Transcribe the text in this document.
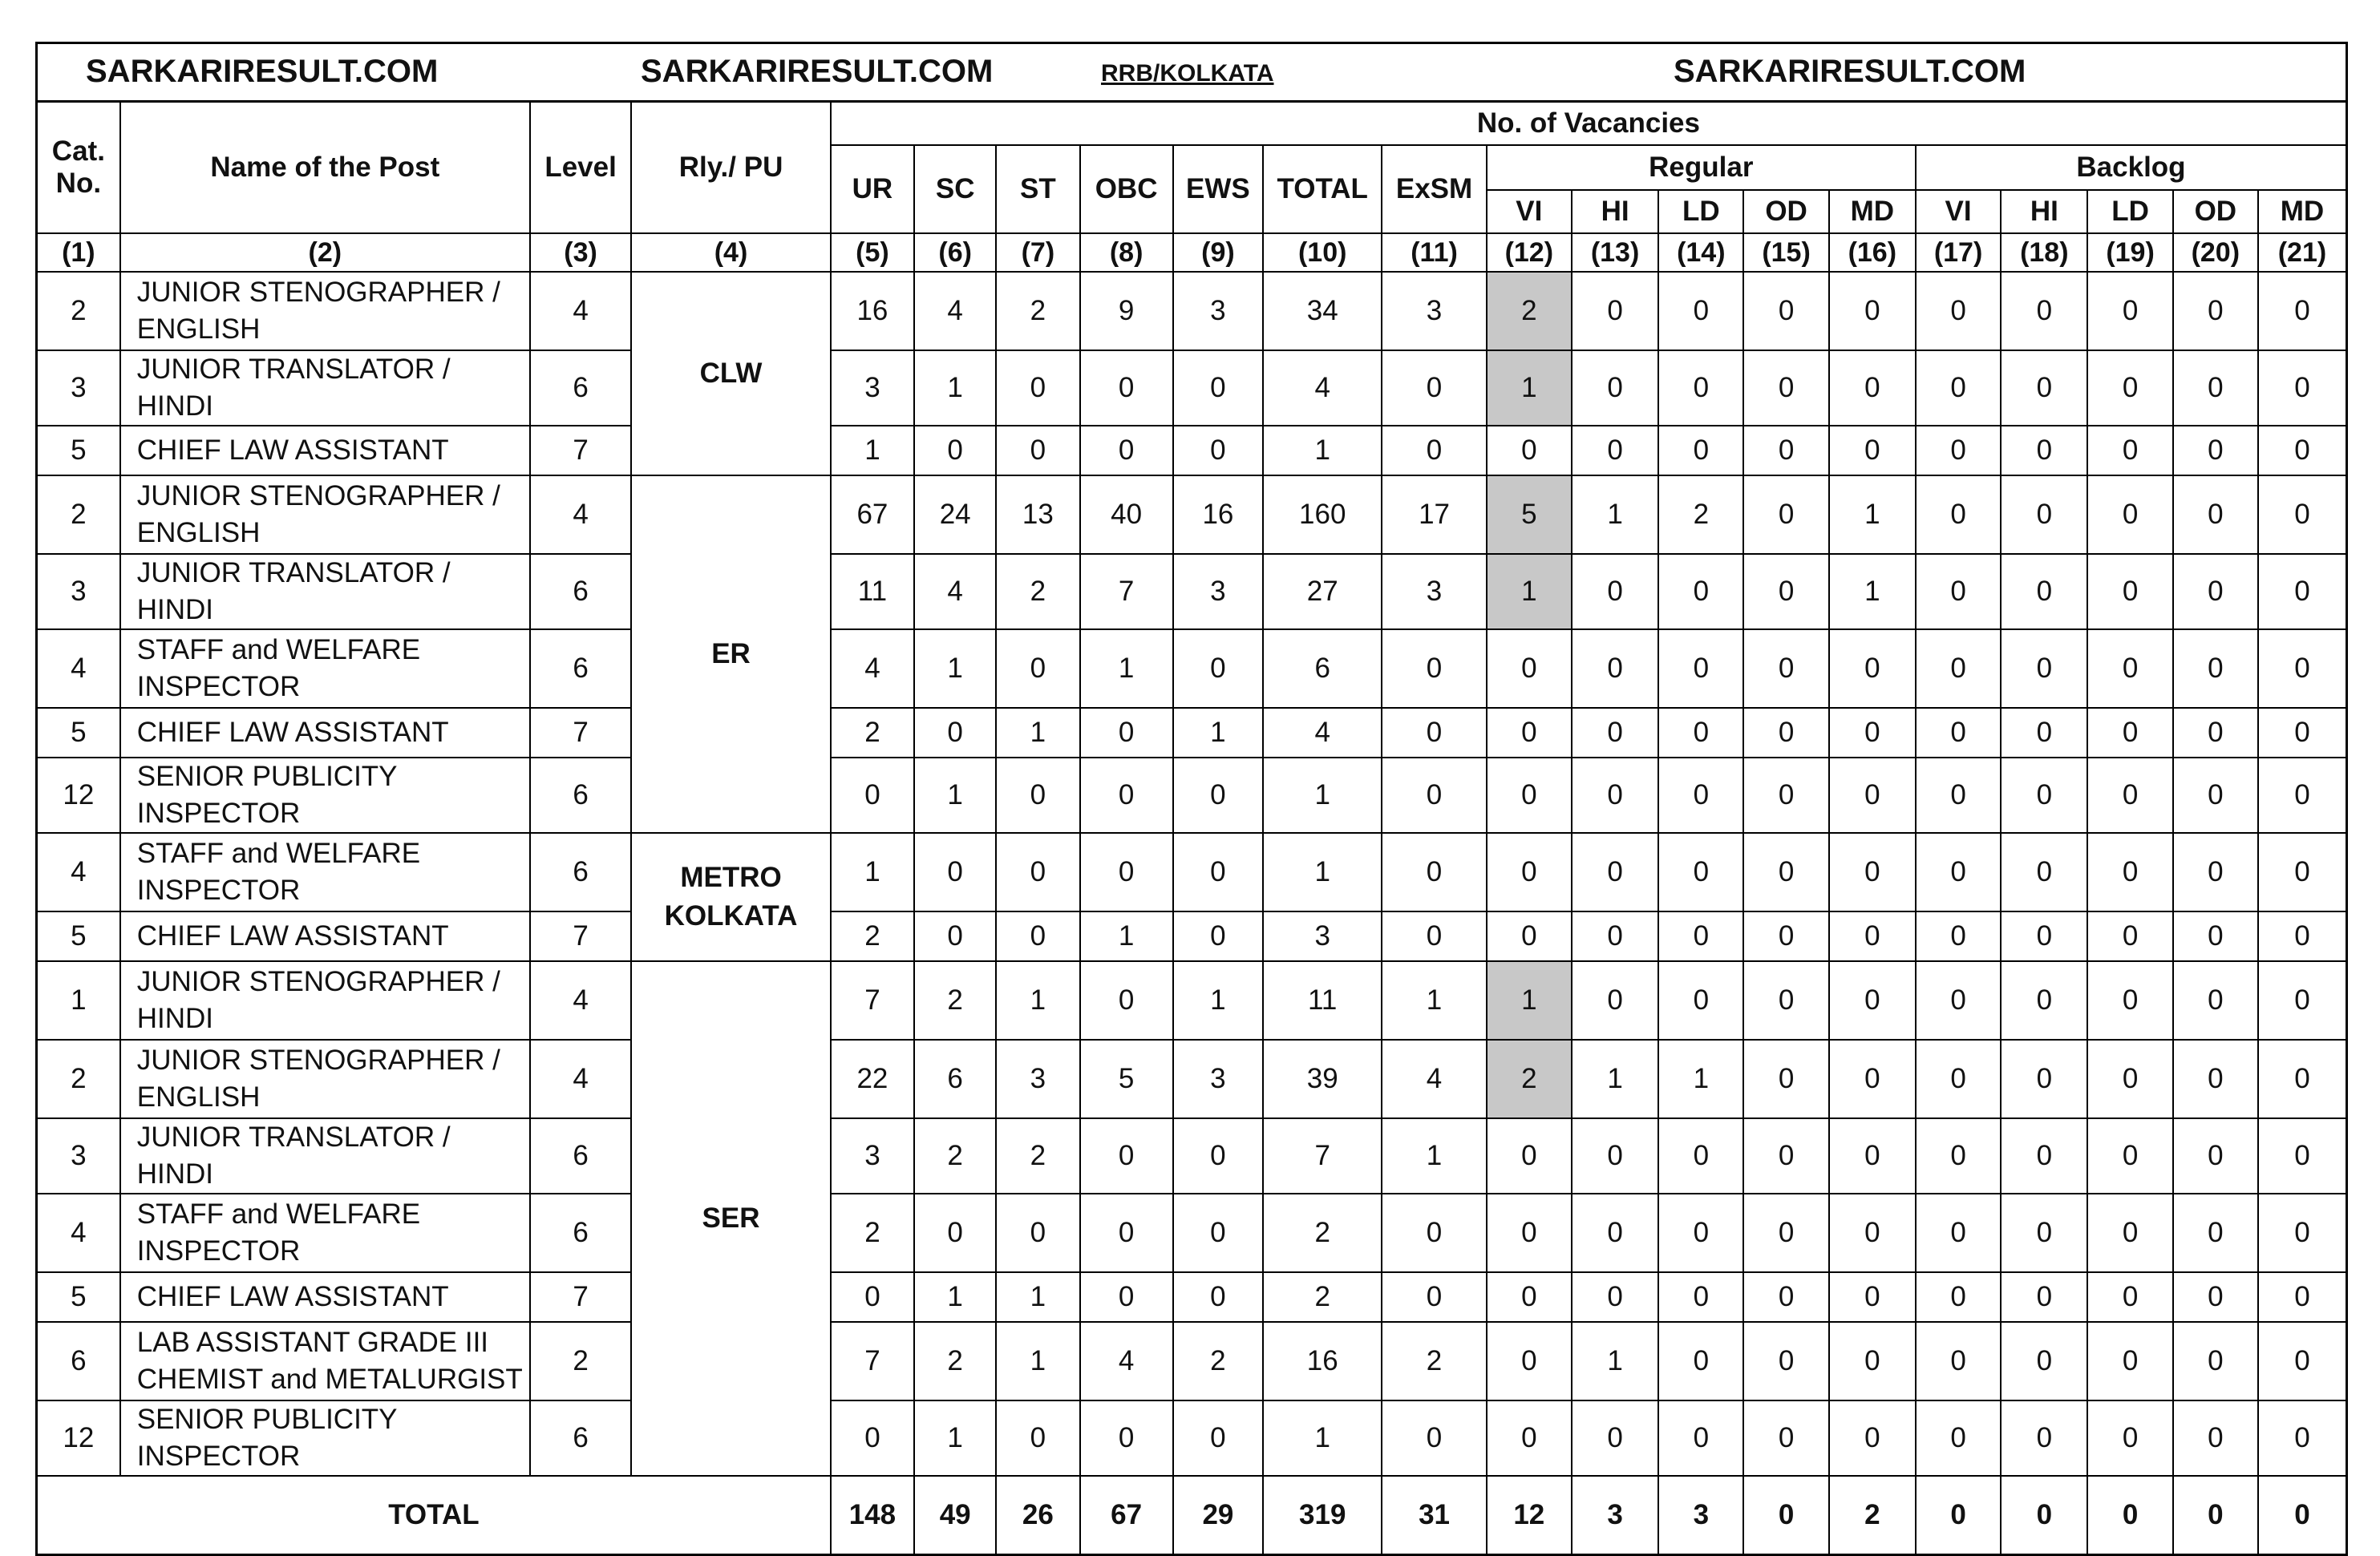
SARKARIRESULT.COM	SARKARIRESULT.COM	RRB/KOLKATA	SARKARIRESULT.COM
Cat. No.	Name of the Post	Level	Rly./ PU	No. of Vacancies																
				UR	SC	ST	OBC	EWS	TOTAL	ExSM	Regular					Backlog				
											VI	HI	LD	OD	MD	VI	HI	LD	OD	MD
(1)	(2)	(3)	(4)	(5)	(6)	(7)	(8)	(9)	(10)	(11)	(12)	(13)	(14)	(15)	(16)	(17)	(18)	(19)	(20)	(21)
2	JUNIOR STENOGRAPHER / ENGLISH	4	CLW	16	4	2	9	3	34	3	2	0	0	0	0	0	0	0	0	0
3	JUNIOR TRANSLATOR / HINDI	6		3	1	0	0	0	4	0	1	0	0	0	0	0	0	0	0	0
5	CHIEF LAW ASSISTANT	7		1	0	0	0	0	1	0	0	0	0	0	0	0	0	0	0	0
2	JUNIOR STENOGRAPHER / ENGLISH	4	ER	67	24	13	40	16	160	17	5	1	2	0	1	0	0	0	0	0
3	JUNIOR TRANSLATOR / HINDI	6		11	4	2	7	3	27	3	1	0	0	0	1	0	0	0	0	0
4	STAFF and WELFARE INSPECTOR	6		4	1	0	1	0	6	0	0	0	0	0	0	0	0	0	0	0
5	CHIEF LAW ASSISTANT	7		2	0	1	0	1	4	0	0	0	0	0	0	0	0	0	0	0
12	SENIOR PUBLICITY INSPECTOR	6		0	1	0	0	0	1	0	0	0	0	0	0	0	0	0	0	0
4	STAFF and WELFARE INSPECTOR	6	METRO KOLKATA	1	0	0	0	0	1	0	0	0	0	0	0	0	0	0	0	0
5	CHIEF LAW ASSISTANT	7		2	0	0	1	0	3	0	0	0	0	0	0	0	0	0	0	0
1	JUNIOR STENOGRAPHER / HINDI	4	SER	7	2	1	0	1	11	1	1	0	0	0	0	0	0	0	0	0
2	JUNIOR STENOGRAPHER / ENGLISH	4		22	6	3	5	3	39	4	2	1	1	0	0	0	0	0	0	0
3	JUNIOR TRANSLATOR / HINDI	6		3	2	2	0	0	7	1	0	0	0	0	0	0	0	0	0	0
4	STAFF and WELFARE INSPECTOR	6		2	0	0	0	0	2	0	0	0	0	0	0	0	0	0	0	0
5	CHIEF LAW ASSISTANT	7		0	1	1	0	0	2	0	0	0	0	0	0	0	0	0	0	0
6	LAB ASSISTANT GRADE III CHEMIST and METALURGIST	2		7	2	1	4	2	16	2	0	1	0	0	0	0	0	0	0	0
12	SENIOR PUBLICITY INSPECTOR	6		0	1	0	0	0	1	0	0	0	0	0	0	0	0	0	0	0
TOTAL				148	49	26	67	29	319	31	12	3	3	0	2	0	0	0	0	0
